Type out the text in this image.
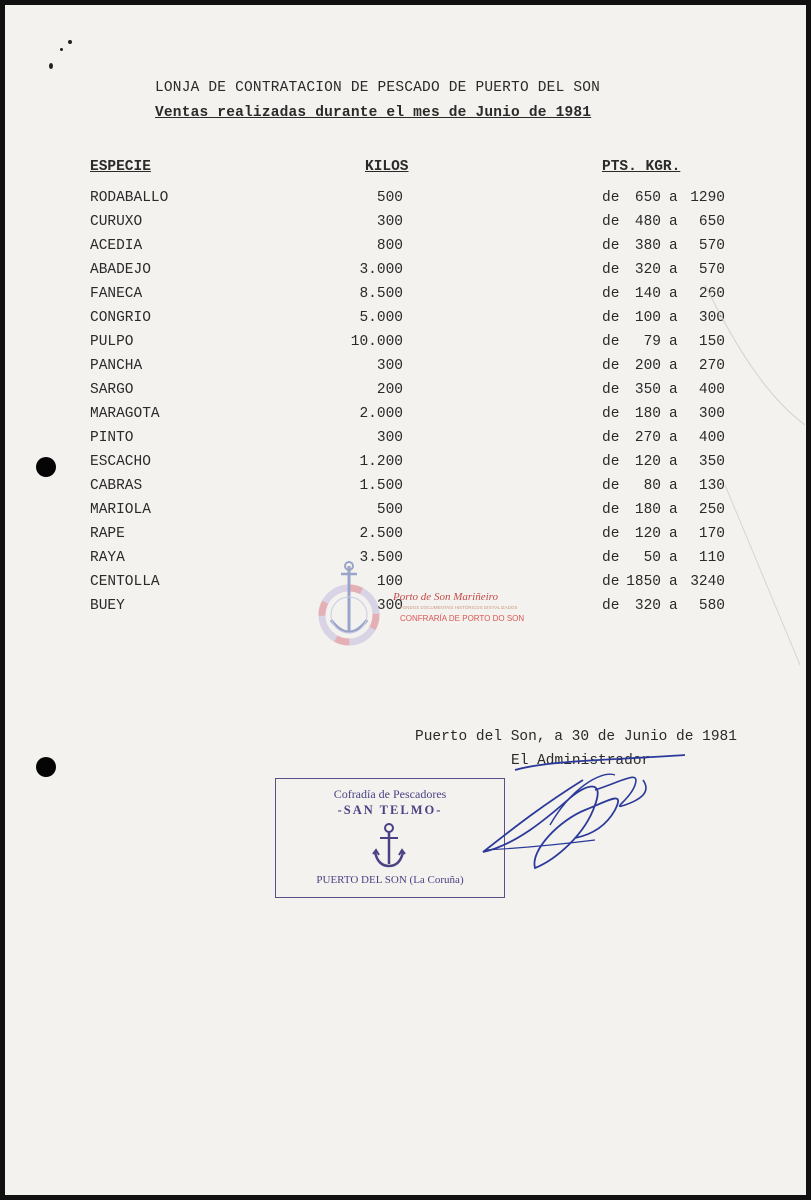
LONJA DE CONTRATACION DE PESCADO DE PUERTO DEL SON
Ventas realizadas durante el mes de Junio de 1981
ESPECIE	KILOS	PTS. KGR.
RODABALLO	500	de	650 a 1290
CURUXO	300	de	480 a	650
ACEDIA	800	de	380 a	570
ABADEJO	3.000	de	320 a	570
FANECA	8.500	de	140 a	260
CONGRIO	5.000	de	100 a	300
PULPO	10.000	de	79 a	150
PANCHA	300	de	200 a	270
SARGO	200	de	350 a	400
MARAGOTA	2.000	de	180 a	300
PINTO	300	de	270 a	400
ESCACHO	1.200	de	120 a	350
CABRAS	1.500	de	80 a	130
MARIOLA	500	de	180 a	250
RAPE	2.500	de	120 a	170
RAYA	3.500	de	50 a	110
CENTOLLA	100	de 1850 a 3240
BUEY	300	de	320 a	580
Porto de Son Mariñeiro
FONDOS DOCUMENTAIS HISTÓRICOS DIXITALIZADOS
CONFRARÍA DE PORTO DO SON
Puerto del Son, a 30 de Junio de 1981
El Administrador
Cofradía de Pescadores
-SAN TELMO-
PUERTO DEL SON (La Coruña)
